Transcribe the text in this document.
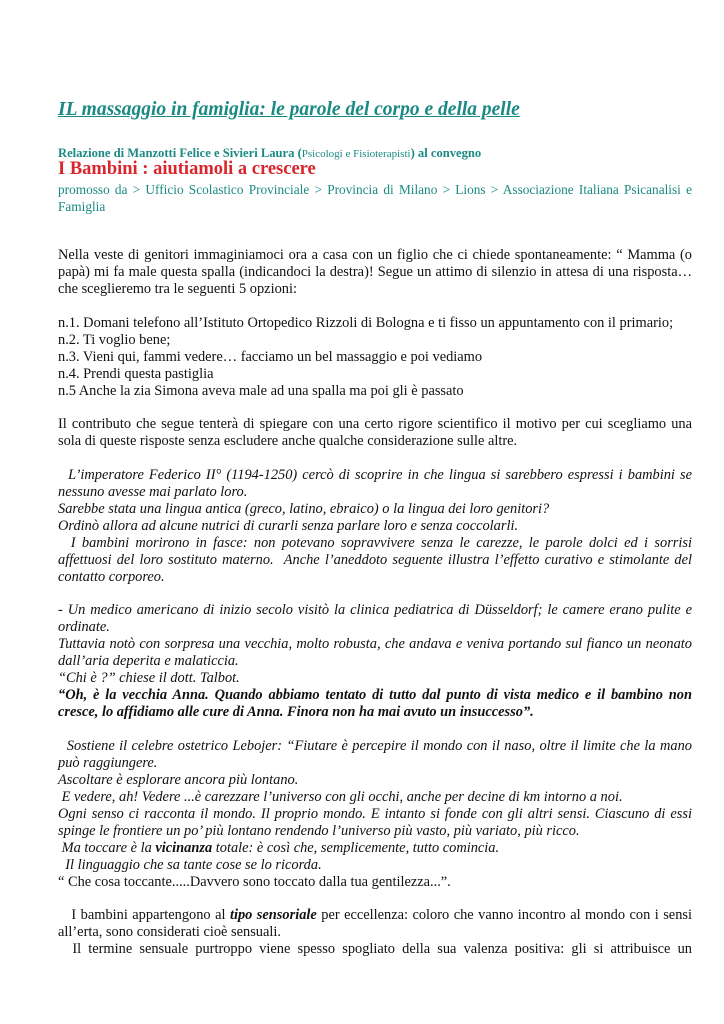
IL massaggio in famiglia: le parole del corpo e della pelle
Relazione di Manzotti Felice e Sivieri Laura (Psicologi e Fisioterapisti) al convegno
I Bambini : aiutiamoli a crescere
promosso da > Ufficio Scolastico Provinciale > Provincia di Milano > Lions > Associazione Italiana Psicanalisi e Famiglia

Nella veste di genitori immaginiamoci ora a casa con un figlio che ci chiede spontaneamente: “ Mamma (o papà) mi fa male questa spalla (indicandoci la destra)! Segue un attimo di silenzio in attesa di una risposta… che sceglieremo tra le seguenti 5 opzioni:

n.1. Domani telefono all’Istituto Ortopedico Rizzoli di Bologna e ti fisso un appuntamento con il primario;

n.2. Ti voglio bene;

n.3. Vieni qui, fammi vedere… facciamo un bel massaggio e poi vediamo

n.4. Prendi questa pastiglia

n.5 Anche la zia Simona aveva male ad una spalla ma poi gli è passato

Il contributo che segue tenterà di spiegare con una certo rigore scientifico il motivo per cui scegliamo una sola di queste risposte senza escludere anche qualche considerazione sulle altre.

L’imperatore Federico II° (1194-1250) cercò di scoprire in che lingua si sarebbero espressi i bambini se nessuno avesse mai parlato loro.

Sarebbe stata una lingua antica (greco, latino, ebraico) o la lingua dei loro genitori?

Ordinò allora ad alcune nutrici di curarli senza parlare loro e senza coccolarli.

I bambini morirono in fasce: non potevano sopravvivere senza le carezze, le parole dolci ed i sorrisi affettuosi del loro sostituto materno.  Anche l’aneddoto seguente illustra l’effetto curativo e stimolante del contatto corporeo.

- Un medico americano di inizio secolo visitò la clinica pediatrica di Düsseldorf; le camere erano pulite e ordinate.

Tuttavia notò con sorpresa una vecchia, molto robusta, che andava e veniva portando sul fianco un neonato dall’aria deperita e malaticcia.

“Chi è ?” chiese il dott. Talbot.

“Oh, è la vecchia Anna. Quando abbiamo tentato di tutto dal punto di vista medico e il bambino non cresce, lo affidiamo alle cure di Anna. Finora non ha mai avuto un insuccesso”.

Sostiene il celebre ostetrico Lebojer: “Fiutare è percepire il mondo con il naso, oltre il limite che la mano può raggiungere.

Ascoltare è esplorare ancora più lontano.

E vedere, ah! Vedere ...è carezzare l’universo con gli occhi, anche per decine di km intorno a noi.

Ogni senso ci racconta il mondo. Il proprio mondo. E intanto si fonde con gli altri sensi. Ciascuno di essi spinge le frontiere un po’ più lontano rendendo l’universo più vasto, più variato, più ricco.

Ma toccare è la vicinanza totale: è così che, semplicemente, tutto comincia.

Il linguaggio che sa tante cose se lo ricorda.

“ Che cosa toccante.....Davvero sono toccato dalla tua gentilezza...”.

I bambini appartengono al tipo sensoriale per eccellenza: coloro che vanno incontro al mondo con i sensi all’erta, sono considerati cioè sensuali.

Il termine sensuale purtroppo viene spesso spogliato della sua valenza positiva: gli si attribuisce un
